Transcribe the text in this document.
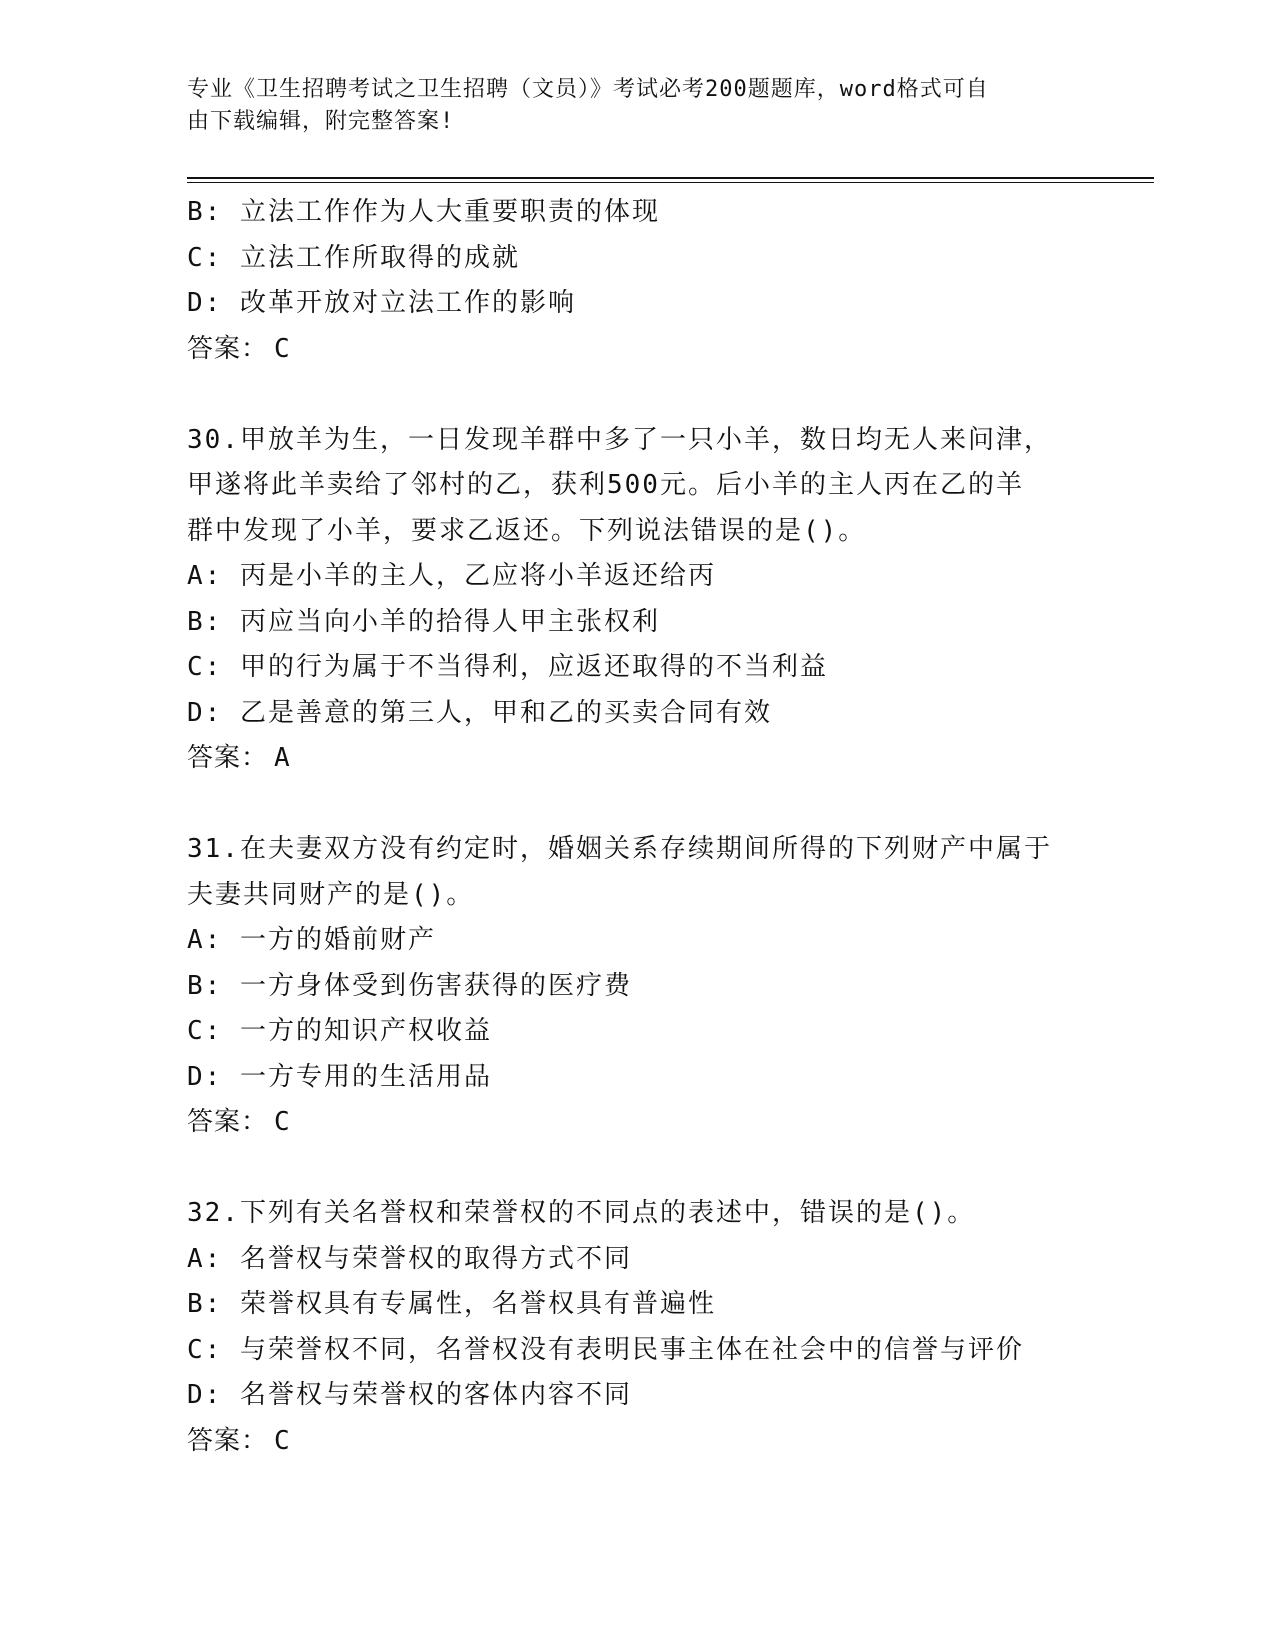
专业《卫生招聘考试之卫生招聘（文员）》考试必考200题题库，word格式可自
由下载编辑，附完整答案!
B: 立法工作作为人大重要职责的体现
C: 立法工作所取得的成就
D: 改革开放对立法工作的影响
答案： C
30.甲放羊为生，一日发现羊群中多了一只小羊，数日均无人来问津，
甲遂将此羊卖给了邻村的乙，获利500元。后小羊的主人丙在乙的羊
群中发现了小羊，要求乙返还。下列说法错误的是()。
A: 丙是小羊的主人，乙应将小羊返还给丙
B: 丙应当向小羊的拾得人甲主张权利
C: 甲的行为属于不当得利，应返还取得的不当利益
D: 乙是善意的第三人，甲和乙的买卖合同有效
答案： A
31.在夫妻双方没有约定时，婚姻关系存续期间所得的下列财产中属于
夫妻共同财产的是()。
A: 一方的婚前财产
B: 一方身体受到伤害获得的医疗费
C: 一方的知识产权收益
D: 一方专用的生活用品
答案： C
32.下列有关名誉权和荣誉权的不同点的表述中，错误的是()。
A: 名誉权与荣誉权的取得方式不同
B: 荣誉权具有专属性，名誉权具有普遍性
C: 与荣誉权不同，名誉权没有表明民事主体在社会中的信誉与评价
D: 名誉权与荣誉权的客体内容不同
答案： C
